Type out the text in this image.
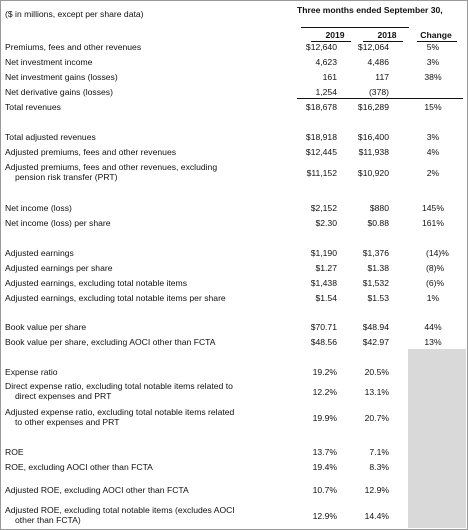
($ in millions, except per share data)	Three months ended September 30,
2019	2018	Change
Premiums, fees and other revenues	$12,640 $12,064	5%
Net investment income	4,623	4,486	3%
Net investment gains (losses)	161	117	38%
Net derivative gains (losses)	1,254	(378)
Total revenues	$18,678 $16,289	15%
Total adjusted revenues	$18,918 $16,400	3%
Adjusted premiums, fees and other revenues	$12,445	$11,938	4%
Adjusted premiums, fees and other revenues, excluding
pension risk transfer (PRT)	$11,152 $10,920	2%
Net income (loss)	$2,152	$880	145%
Net income (loss) per share	$2.30	$0.88	161%
Adjusted earnings	$1,190	$1,376	(14)%
Adjusted earnings per share	$1.27	$1.38	(8)%
Adjusted earnings, excluding total notable items	$1,438	$1,532	(6)%
Adjusted earnings, excluding total notable items per share	$1.54	$1.53	1%
Book value per share	$70.71	$48.94	44%
Book value per share, excluding AOCI other than FCTA	$48.56	$42.97	13%
Expense ratio	19.2%	20.5%
Direct expense ratio, excluding total notable items related to
direct expenses and PRT	12.2%	13.1%
Adjusted expense ratio, excluding total notable items related
to other expenses and PRT	19.9%	20.7%
ROE	13.7%	7.1%
ROE, excluding AOCI other than FCTA	19.4%	8.3%
Adjusted ROE, excluding AOCI other than FCTA	10.7%	12.9%
Adjusted ROE, excluding total notable items (excludes AOCI
other than FCTA)	12.9%	14.4%
